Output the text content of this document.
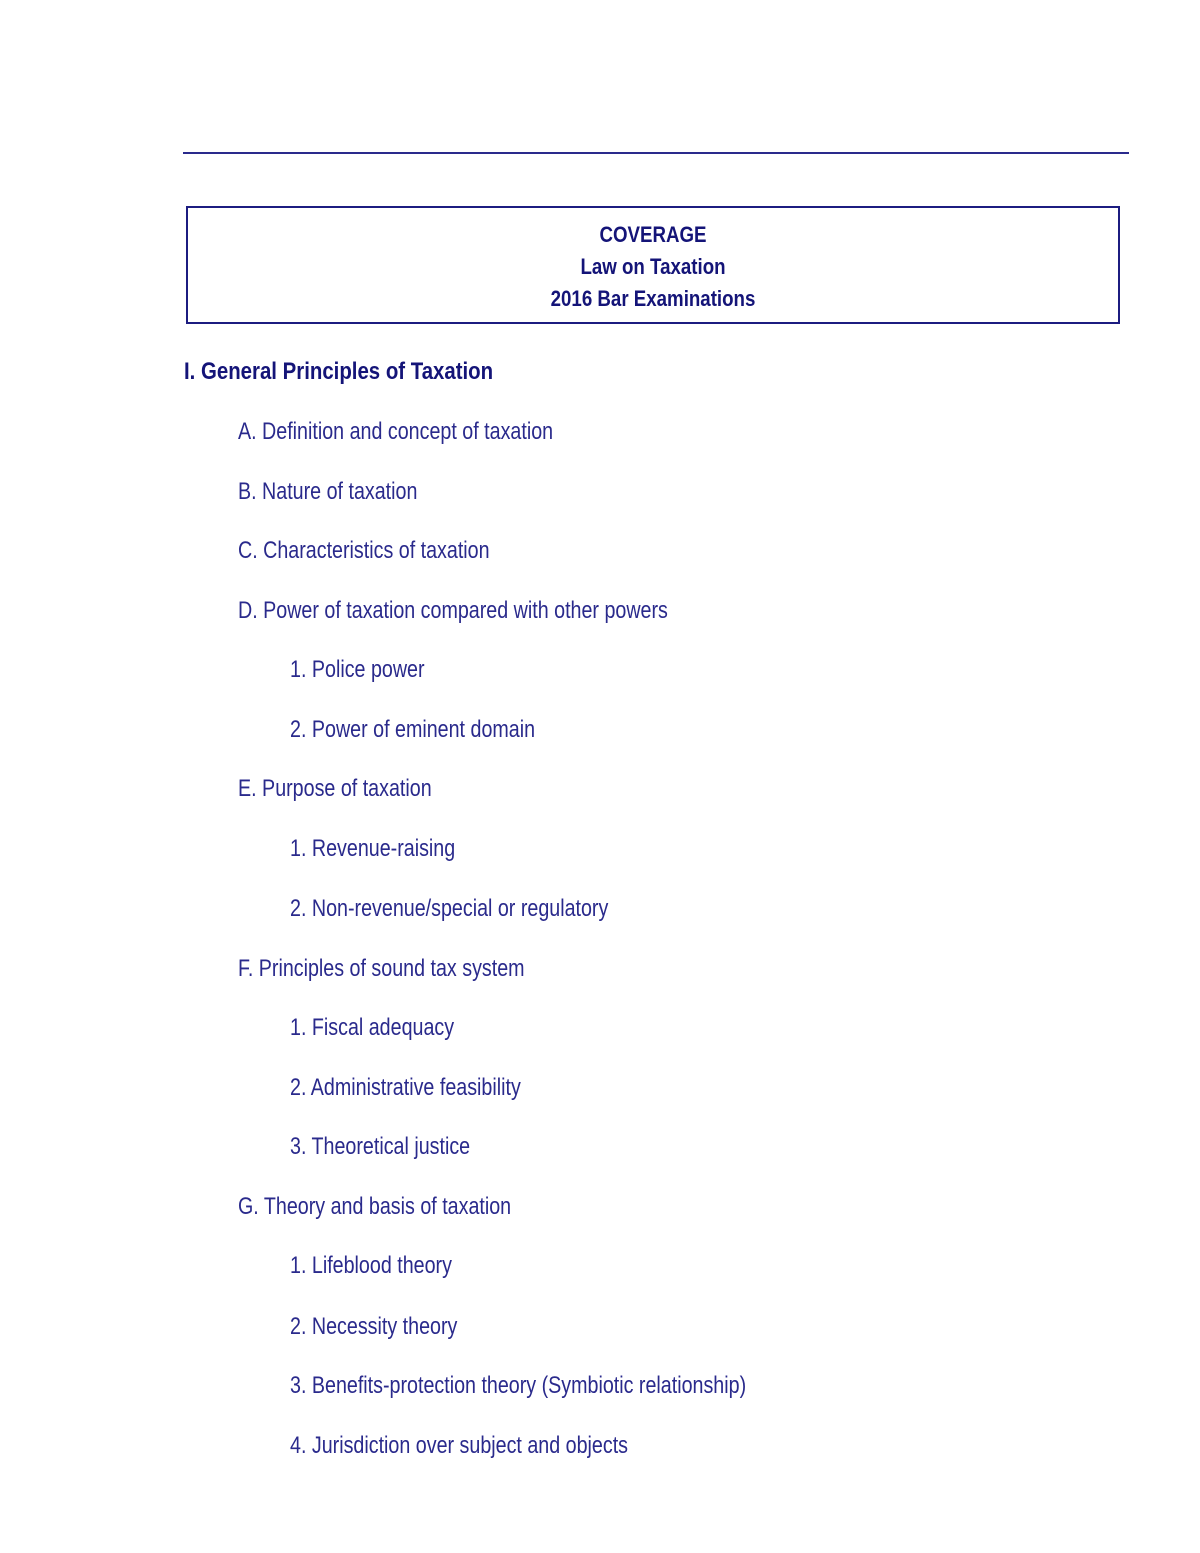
COVERAGE
Law on Taxation
2016 Bar Examinations
I. General Principles of Taxation
A. Definition and concept of taxation
B. Nature of taxation
C. Characteristics of taxation
D. Power of taxation compared with other powers
1. Police power
2. Power of eminent domain
E. Purpose of taxation
1. Revenue-raising
2. Non-revenue/special or regulatory
F. Principles of sound tax system
1. Fiscal adequacy
2. Administrative feasibility
3. Theoretical justice
G. Theory and basis of taxation
1. Lifeblood theory
2. Necessity theory
3. Benefits-protection theory (Symbiotic relationship)
4. Jurisdiction over subject and objects
